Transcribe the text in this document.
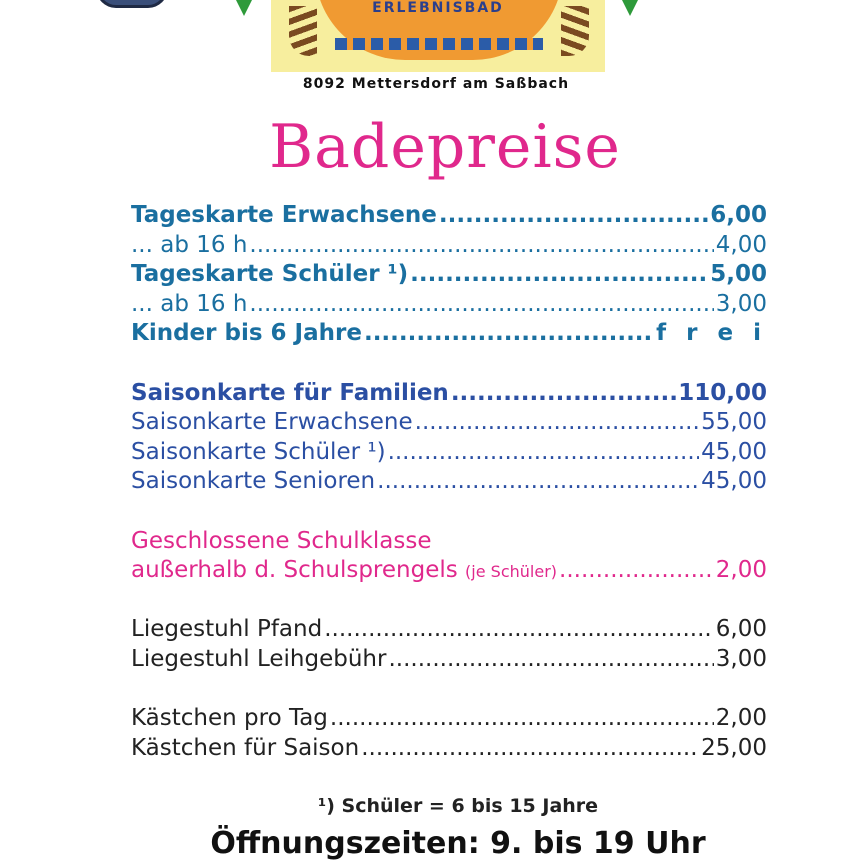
ERLEBNISBAD
8092 Mettersdorf am Saßbach
Badepreise
Tageskarte Erwachsene .....	6,00
... ab 16 h .....	4,00
Tageskarte Schüler ¹) .....	5,00
... ab 16 h .....	3,00
Kinder bis 6 Jahre .....	f r e i
Saisonkarte für Familien .....	110,00
Saisonkarte Erwachsene .....	55,00
Saisonkarte Schüler ¹) .....	45,00
Saisonkarte Senioren .....	45,00
Geschlossene Schulklasse
außerhalb d. Schulsprengels (je Schüler) .....	2,00
Liegestuhl Pfand .....	6,00
Liegestuhl Leihgebühr .....	3,00
Kästchen pro Tag .....	2,00
Kästchen für Saison .....	25,00
¹) Schüler = 6 bis 15 Jahre
Öffnungszeiten: 9. bis 19 Uhr
